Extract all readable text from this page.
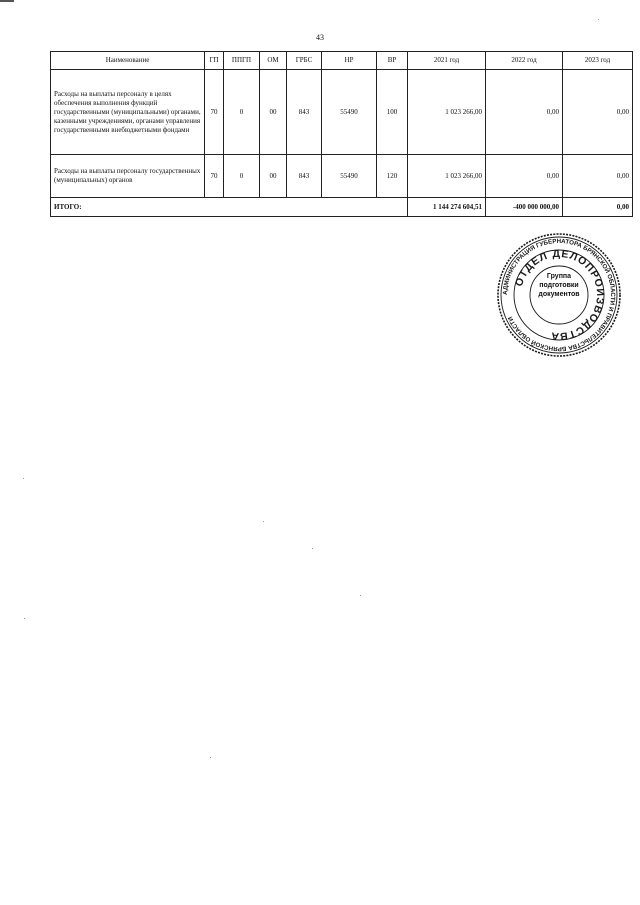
43
Наименование	ГП	ППГП	ОМ	ГРБС	НР	ВР	2021 год	2022 год	2023 год
Расходы на выплаты персоналу в целях обеспечения выполнения функций государственными (муниципальными) органами, казенными учреждениями, органами управления государственными внебюджетными фондами	70	0	00	843	55490	100	1 023 266,00	0,00	0,00
Расходы на выплаты персоналу государственных (муниципальных) органов	70	0	00	843	55490	120	1 023 266,00	0,00	0,00
ИТОГО:							1 144 274 604,51	-400 000 000,00	0,00
АДМИНИСТРАЦИЯ ГУБЕРНАТОРА БРЯНСКОЙ ОБЛАСТИ И ПРАВИТЕЛЬСТВА БРЯНСКОЙ ОБЛАСТИ
ОТДЕЛ ДЕЛОПРОИЗВОДСТВА
Группа
подготовки
документов
